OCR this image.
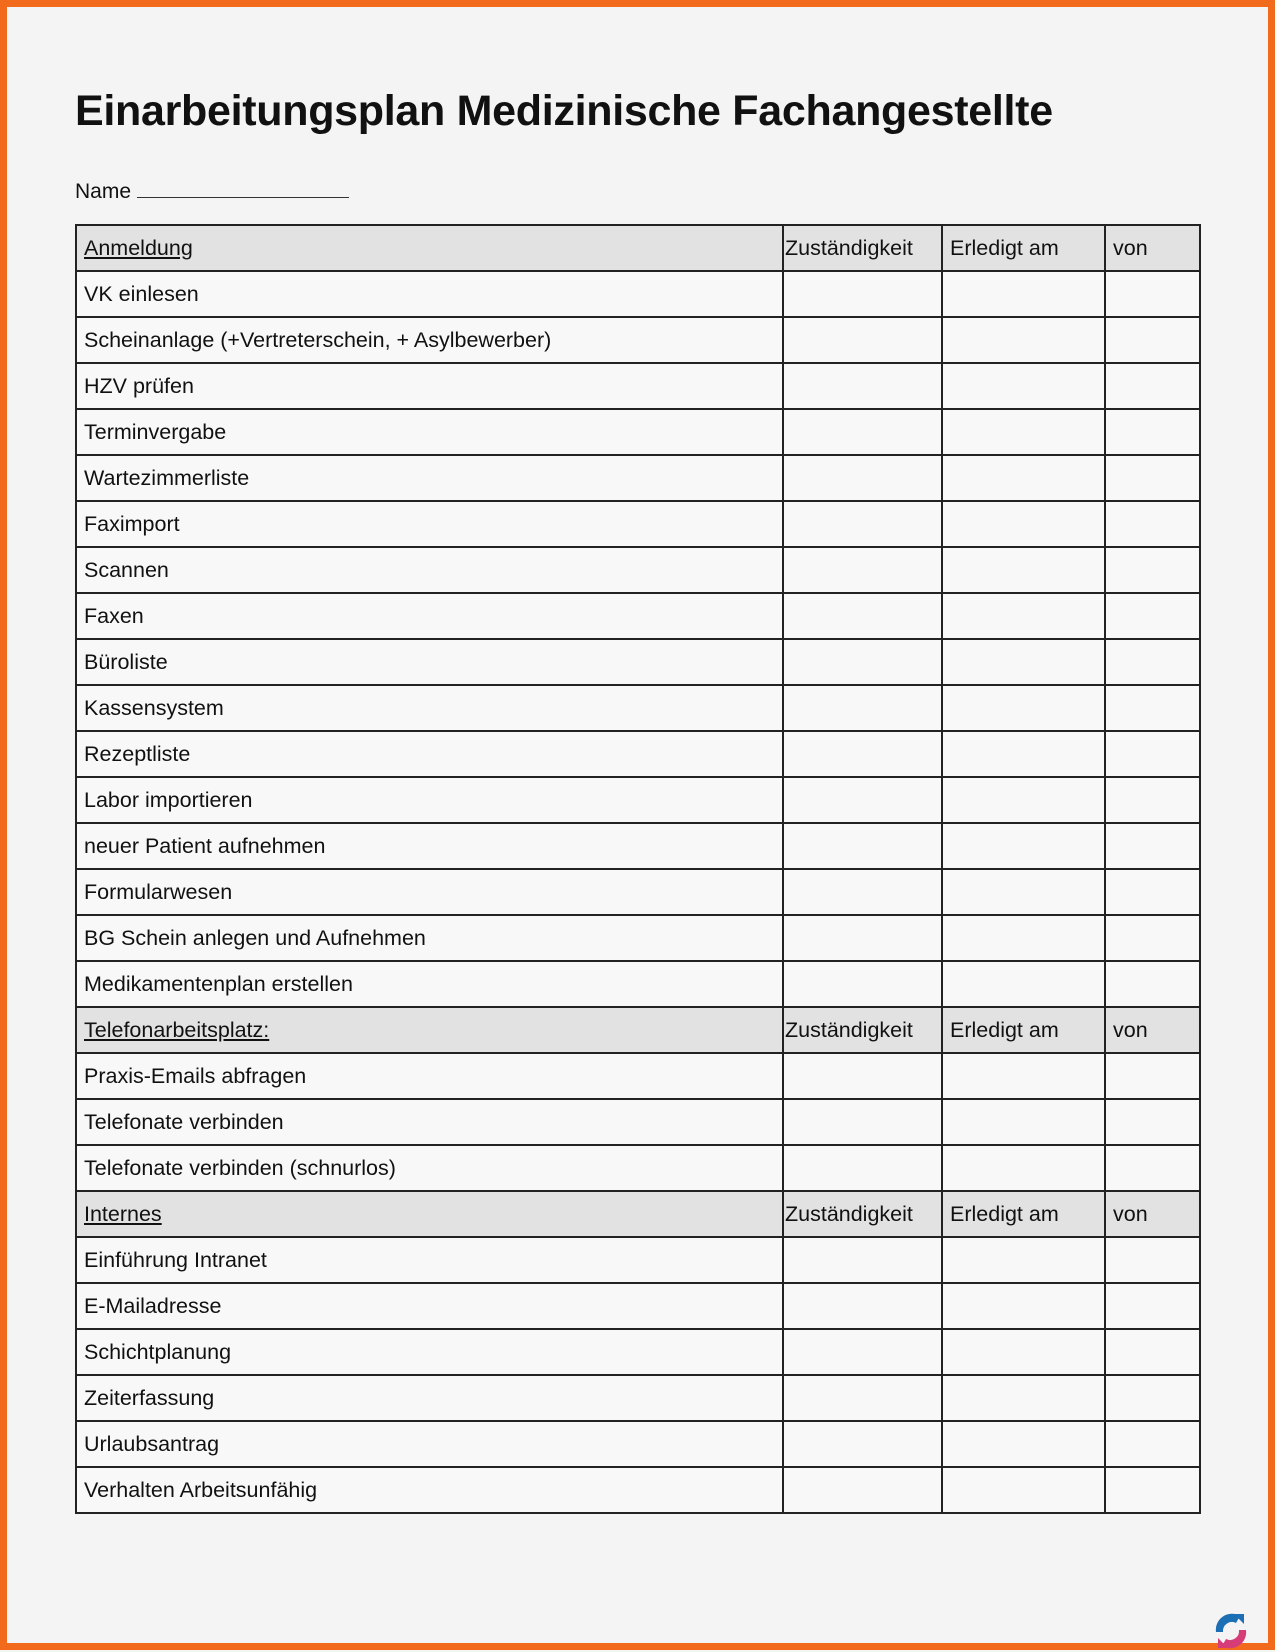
Einarbeitungsplan Medizinische Fachangestellte
Name
Anmeldung	Zuständigkeit	Erledigt am	von
VK einlesen			
Scheinanlage (+Vertreterschein, + Asylbewerber)			
HZV prüfen			
Terminvergabe			
Wartezimmerliste			
Faximport			
Scannen			
Faxen			
Büroliste			
Kassensystem			
Rezeptliste			
Labor importieren			
neuer Patient aufnehmen			
Formularwesen			
BG Schein anlegen und Aufnehmen			
Medikamentenplan erstellen			
Telefonarbeitsplatz:	Zuständigkeit	Erledigt am	von
Praxis-Emails abfragen			
Telefonate verbinden			
Telefonate verbinden (schnurlos)			
Internes	Zuständigkeit	Erledigt am	von
Einführung Intranet			
E-Mailadresse			
Schichtplanung			
Zeiterfassung			
Urlaubsantrag			
Verhalten Arbeitsunfähig			
